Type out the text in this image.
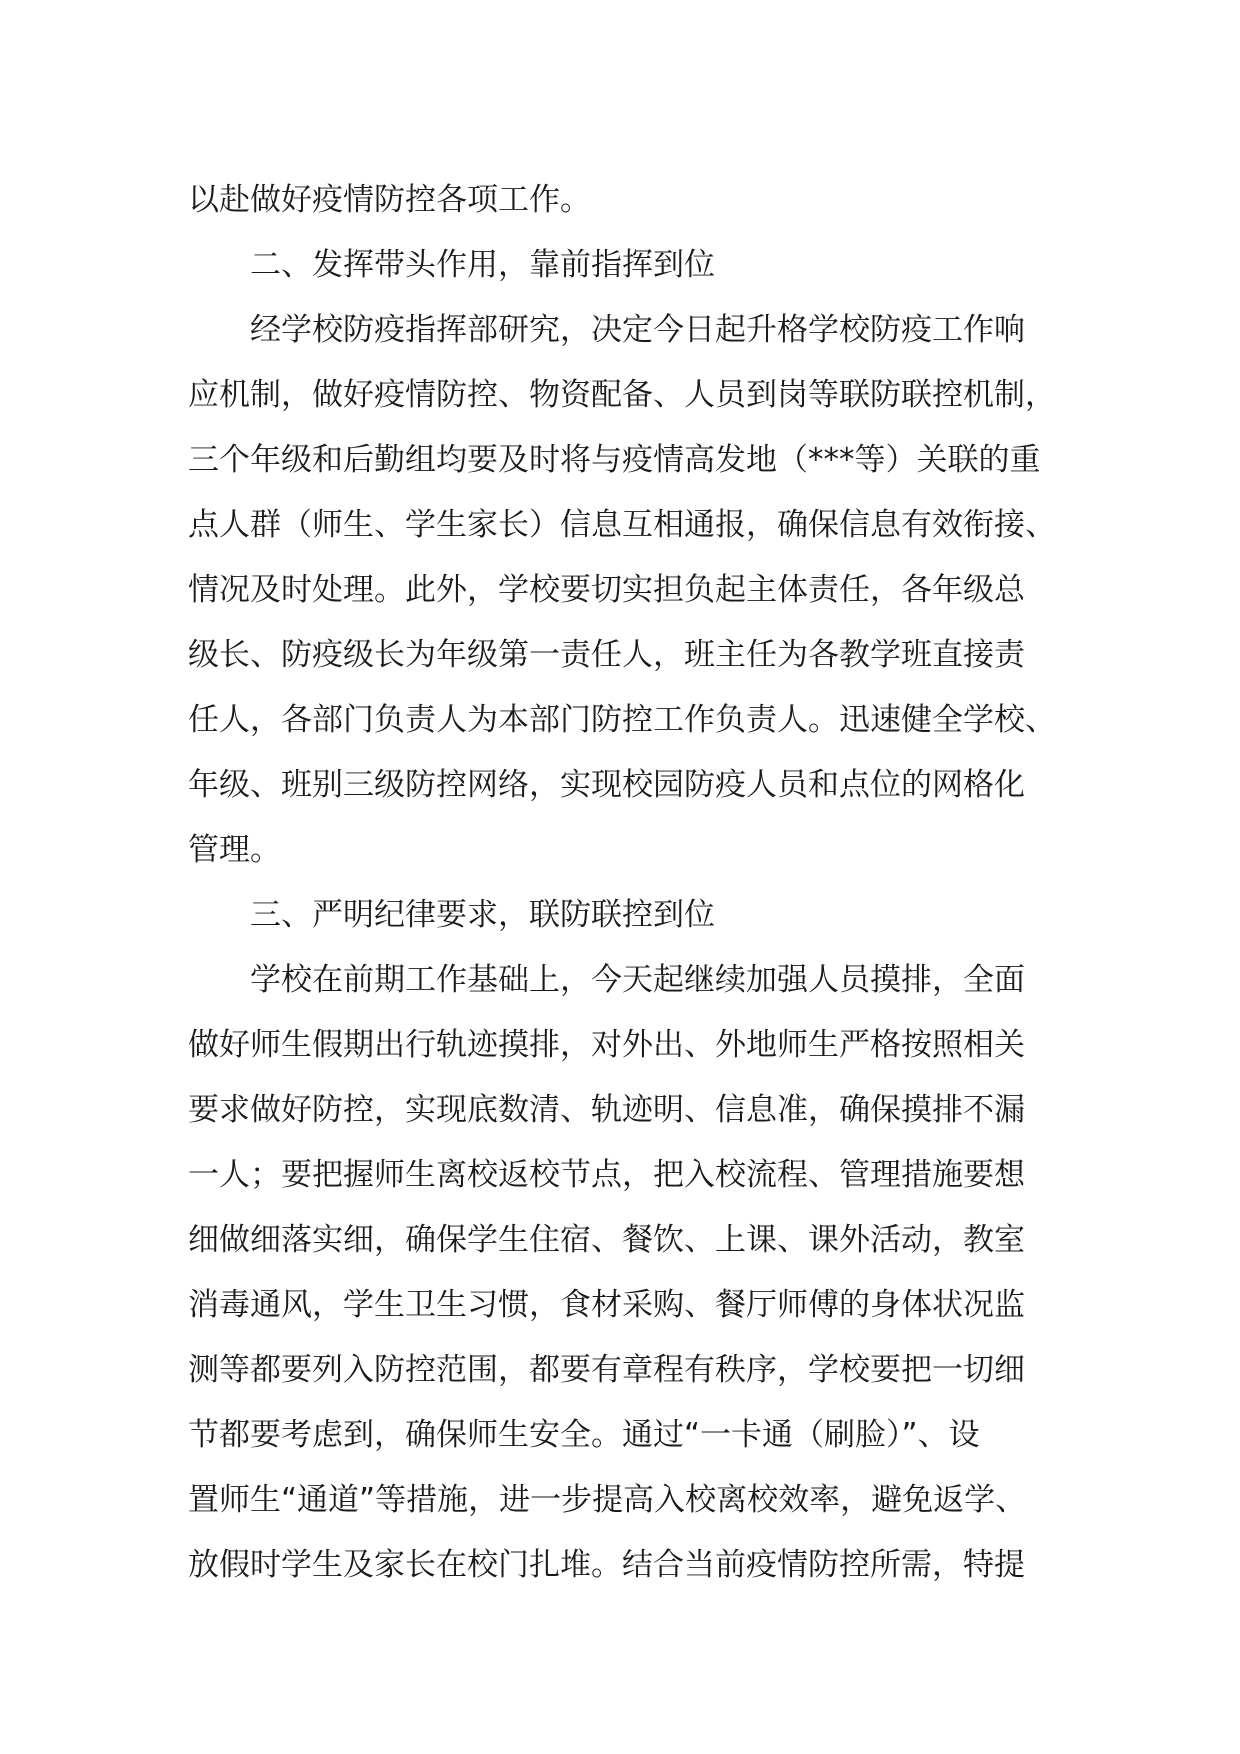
以赴做好疫情防控各项工作。
二、发挥带头作用，靠前指挥到位
经学校防疫指挥部研究，决定今日起升格学校防疫工作响
应机制，做好疫情防控、物资配备、人员到岗等联防联控机制，
三个年级和后勤组均要及时将与疫情高发地（***等）关联的重
点人群（师生、学生家长）信息互相通报，确保信息有效衔接、
情况及时处理。此外，学校要切实担负起主体责任，各年级总
级长、防疫级长为年级第一责任人，班主任为各教学班直接责
任人，各部门负责人为本部门防控工作负责人。迅速健全学校、
年级、班别三级防控网络，实现校园防疫人员和点位的网格化
管理。
三、严明纪律要求，联防联控到位
学校在前期工作基础上，今天起继续加强人员摸排，全面
做好师生假期出行轨迹摸排，对外出、外地师生严格按照相关
要求做好防控，实现底数清、轨迹明、信息准，确保摸排不漏
一人；要把握师生离校返校节点，把入校流程、管理措施要想
细做细落实细，确保学生住宿、餐饮、上课、课外活动，教室
消毒通风，学生卫生习惯，食材采购、餐厅师傅的身体状况监
测等都要列入防控范围，都要有章程有秩序，学校要把一切细
节都要考虑到，确保师生安全。通过“一卡通（刷脸）”、设
置师生“通道”等措施，进一步提高入校离校效率，避免返学、
放假时学生及家长在校门扎堆。结合当前疫情防控所需，特提
